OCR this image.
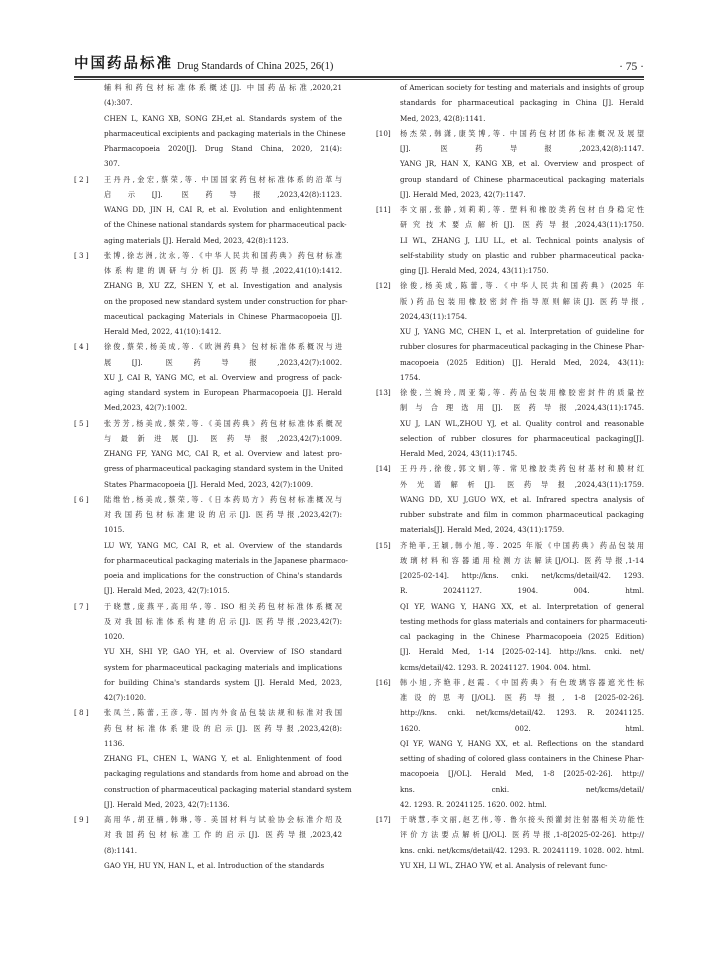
中国药品标准 Drug Standards of China 2025, 26(1)	· 75 ·
辅料和药包材标准体系概述[J]. 中国药品标准,2020,21
(4):307.
CHEN L, KANG XB, SONG ZH,et al. Standards system of the
pharmaceutical excipients and packaging materials in the Chinese
Pharmacopoeia 2020[J]. Drug Stand China, 2020, 21(4):
307.
[ 2 ] 王丹丹,金宏,蔡荣,等. 中国国家药包材标准体系的沿革与
启示[J]. 医药导报,2023,42(8):1123.
WANG DD, JIN H, CAI R, et al. Evolution and enlightenment
of the Chinese national standards system for pharmaceutical pack-
aging materials [J]. Herald Med, 2023, 42(8):1123.
[ 3 ] 张博,徐志洲,沈永,等.《中华人民共和国药典》药包材标准
体系构建的调研与分析[J]. 医药导报,2022,41(10):1412.
ZHANG B, XU ZZ, SHEN Y, et al. Investigation and analysis
on the proposed new standard system under construction for phar-
maceutical packaging Materials in Chinese Pharmacopoeia [J].
Herald Med, 2022, 41(10):1412.
[ 4 ] 徐俊,蔡荣,杨美成,等.《欧洲药典》包材标准体系概况与进
展[J]. 医药导报,2023,42(7):1002.
XU J, CAI R, YANG MC, et al. Overview and progress of pack-
aging standard system in European Pharmacopoeia [J]. Herald
Med,2023, 42(7):1002.
[ 5 ] 张芳芳,杨美成,蔡荣,等.《美国药典》药包材标准体系概况
与最新进展[J]. 医药导报,2023,42(7):1009.
ZHANG FF, YANG MC, CAI R, et al. Overview and latest pro-
gress of pharmaceutical packaging standard system in the United
States Pharmacopoeia [J]. Herald Med, 2023, 42(7):1009.
[ 6 ] 陆维怡,杨美成,蔡荣,等.《日本药局方》药包材标准概况与
对我国药包材标准建设的启示[J]. 医药导报,2023,42(7):
1015.
LU WY, YANG MC, CAI R, et al. Overview of the standards
for pharmaceutical packaging materials in the Japanese pharmaco-
poeia and implications for the construction of China's standards
[J]. Herald Med, 2023, 42(7):1015.
[ 7 ] 于晓慧,庞燕平,高用华,等. ISO 相关药包材标准体系概况
及对我国标准体系构建的启示[J]. 医药导报,2023,42(7):
1020.
YU XH, SHI YP, GAO YH, et al. Overview of ISO standard
system for pharmaceutical packaging materials and implications
for building China's standards system [J]. Herald Med, 2023,
42(7):1020.
[ 8 ] 张凤兰,陈蕾,王彦,等. 国内外食品包装法规和标准对我国
药包材标准体系建设的启示[J]. 医药导报,2023,42(8):
1136.
ZHANG FL, CHEN L, WANG Y, et al. Enlightenment of food
packaging regulations and standards from home and abroad on the
construction of pharmaceutical packaging material standard system
[J]. Herald Med, 2023, 42(7):1136.
[ 9 ] 高用华,胡亚楠,韩琳,等. 美国材料与试验协会标准介绍及
对我国药包材标准工作的启示[J]. 医药导报,2023,42
(8):1141.
GAO YH, HU YN, HAN L, et al. Introduction of the standards
of American society for testing and materials and insights of group
standards for pharmaceutical packaging in China [J]. Herald
Med, 2023, 42(8):1141.
[10] 杨杰荣,韩潇,康笑博,等. 中国药包材团体标准概况及展望
[J]. 医药导报,2023,42(8):1147.
YANG JR, HAN X, KANG XB, et al. Overview and prospect of
group standard of Chinese pharmaceutical packaging materials
[J]. Herald Med, 2023, 42(7):1147.
[11] 李文丽,张静,刘莉莉,等. 塑料和橡胶类药包材自身稳定性
研究技术要点解析[J]. 医药导报,2024,43(11):1750.
LI WL, ZHANG J, LIU LL, et al. Technical points analysis of
self-stability study on plastic and rubber pharmaceutical packa-
ging [J]. Herald Med, 2024, 43(11):1750.
[12] 徐俊,杨美成,陈蕾,等.《中华人民共和国药典》(2025 年
版)药品包装用橡胶密封件指导原则解读[J]. 医药导报,
2024,43(11):1754.
XU J, YANG MC, CHEN L, et al. Interpretation of guideline for
rubber closures for pharmaceutical packaging in the Chinese Phar-
macopoeia (2025 Edition) [J]. Herald Med, 2024, 43(11):
1754.
[13] 徐俊,兰婉玲,周亚菊,等. 药品包装用橡胶密封件的质量控
制与合理选用[J]. 医药导报,2024,43(11):1745.
XU J, LAN WL,ZHOU YJ, et al. Quality control and reasonable
selection of rubber closures for pharmaceutical packaging[J].
Herald Med, 2024, 43(11):1745.
[14] 王丹丹,徐俊,郭文娟,等. 常见橡胶类药包材基材和膜材红
外光谱解析[J]. 医药导报,2024,43(11):1759.
WANG DD, XU J,GUO WX, et al. Infrared spectra analysis of
rubber substrate and film in common pharmaceutical packaging
materials[J]. Herald Med, 2024, 43(11):1759.
[15] 齐艳菲,王颖,韩小旭,等. 2025 年版《中国药典》药品包装用
玻璃材料和容器通用检测方法解读[J/OL]. 医药导报,1-14
[2025-02-14]. http://kns. cnki. net/kcms/detail/42. 1293.
R. 20241127. 1904. 004. html.
QI YF, WANG Y, HANG XX, et al. Interpretation of general
testing methods for glass materials and containers for pharmaceuti-
cal packaging in the Chinese Pharmacopoeia (2025 Edition)
[J]. Herald Med, 1-14 [2025-02-14]. http://kns. cnki. net/
kcms/detail/42. 1293. R. 20241127. 1904. 004. html.
[16] 韩小旭,齐艳菲,赵霞.《中国药典》有色玻璃容器遮光性标
准设的思考[J/OL]. 医药导报, 1-8 [2025-02-26].
http://kns. cnki. net/kcms/detail/42. 1293. R. 20241125.
1620. 002. html.
QI YF, WANG Y, HANG XX, et al. Reflections on the standard
setting of shading of colored glass containers in the Chinese Phar-
macopoeia [J/OL]. Herald Med, 1-8 [2025-02-26]. http://
kns. cnki. net/kcms/detail/
42. 1293. R. 20241125. 1620. 002. html.
[17] 于晓慧,李文丽,赵艺伟,等. 鲁尔接头预灌封注射器相关功能性
评价方法要点解析[J/OL]. 医药导报,1-8[2025-02-26]. http://
kns. cnki. net/kcms/detail/42. 1293. R. 20241119. 1028. 002. html.
YU XH, LI WL, ZHAO YW, et al. Analysis of relevant func-
